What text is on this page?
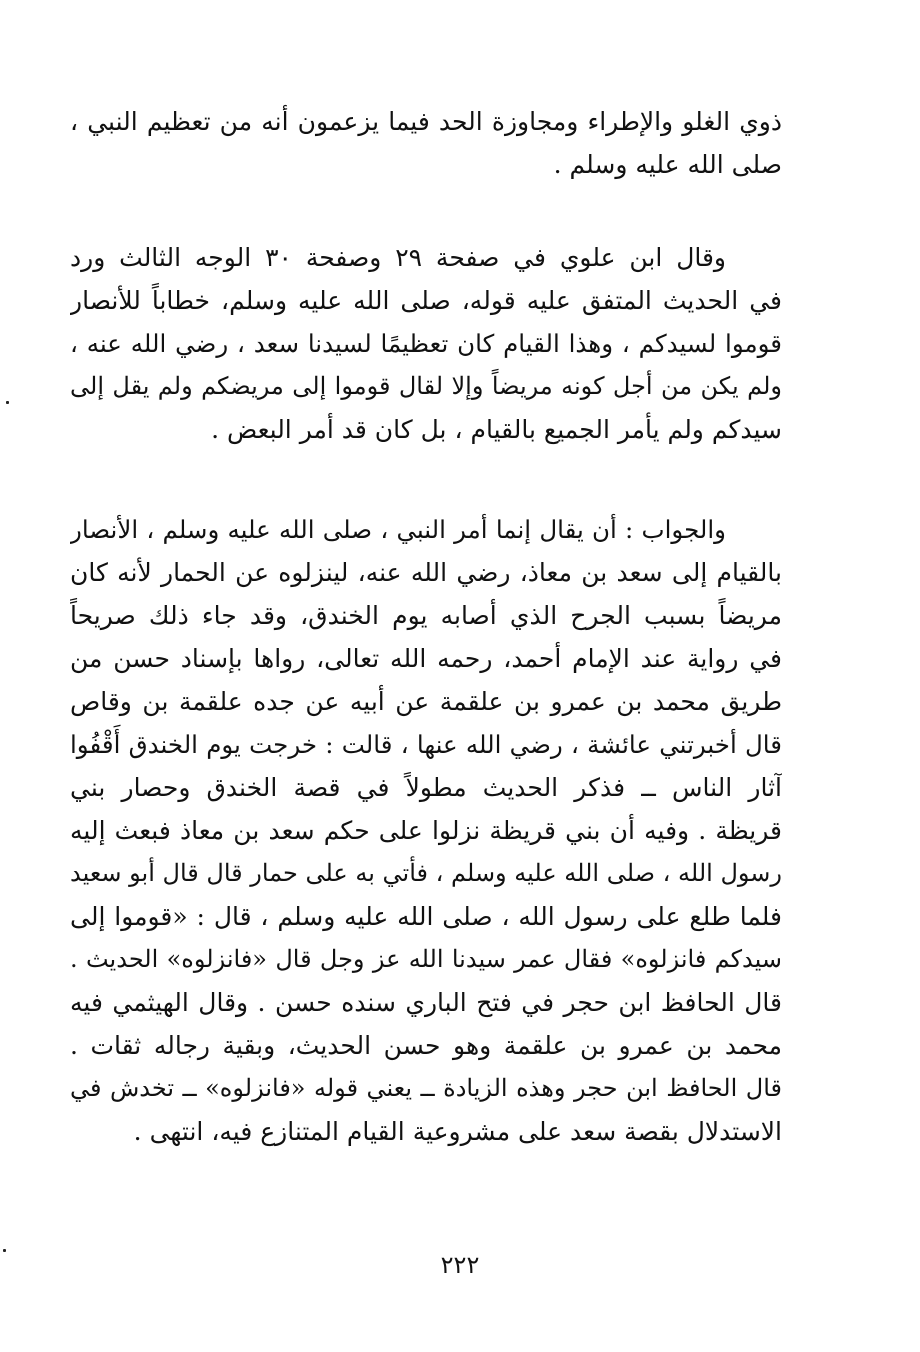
ذوي الغلو والإطراء ومجاوزة الحد فيما يزعمون أنه من تعظيم النبي ،
صلى الله عليه وسلم .
وقال ابن علوي في صفحة ٢٩ وصفحة ٣٠ الوجه الثالث ورد
في الحديث المتفق عليه قوله، صلى الله عليه وسلم، خطاباً للأنصار
قوموا لسيدكم ، وهذا القيام كان تعظيمًا لسيدنا سعد ، رضي الله عنه ،
ولم يكن من أجل كونه مريضاً وإلا لقال قوموا إلى مريضكم ولم يقل إلى
سيدكم ولم يأمر الجميع بالقيام ، بل كان قد أمر البعض .
والجواب : أن يقال إنما أمر النبي ، صلى الله عليه وسلم ، الأنصار
بالقيام إلى سعد بن معاذ، رضي الله عنه، لينزلوه عن الحمار لأنه كان
مريضاً بسبب الجرح الذي أصابه يوم الخندق، وقد جاء ذلك صريحاً
في رواية عند الإمام أحمد، رحمه الله تعالى، رواها بإسناد حسن من
طريق محمد بن عمرو بن علقمة عن أبيه عن جده علقمة بن وقاص
قال أخبرتني عائشة ، رضي الله عنها ، قالت : خرجت يوم الخندق أَقْفُوا
آثار الناس ــ فذكر الحديث مطولاً في قصة الخندق وحصار بني
قريظة . وفيه أن بني قريظة نزلوا على حكم سعد بن معاذ فبعث إليه
رسول الله ، صلى الله عليه وسلم ، فأتي به على حمار قال قال أبو سعيد
فلما طلع على رسول الله ، صلى الله عليه وسلم ، قال : «قوموا إلى
سيدكم فانزلوه» فقال عمر سيدنا الله عز وجل قال «فانزلوه» الحديث .
قال الحافظ ابن حجر في فتح الباري سنده حسن . وقال الهيثمي فيه
محمد بن عمرو بن علقمة وهو حسن الحديث، وبقية رجاله ثقات .
قال الحافظ ابن حجر وهذه الزيادة ــ يعني قوله «فانزلوه» ــ تخدش في
الاستدلال بقصة سعد على مشروعية القيام المتنازع فيه، انتهى .
٢٢٢
